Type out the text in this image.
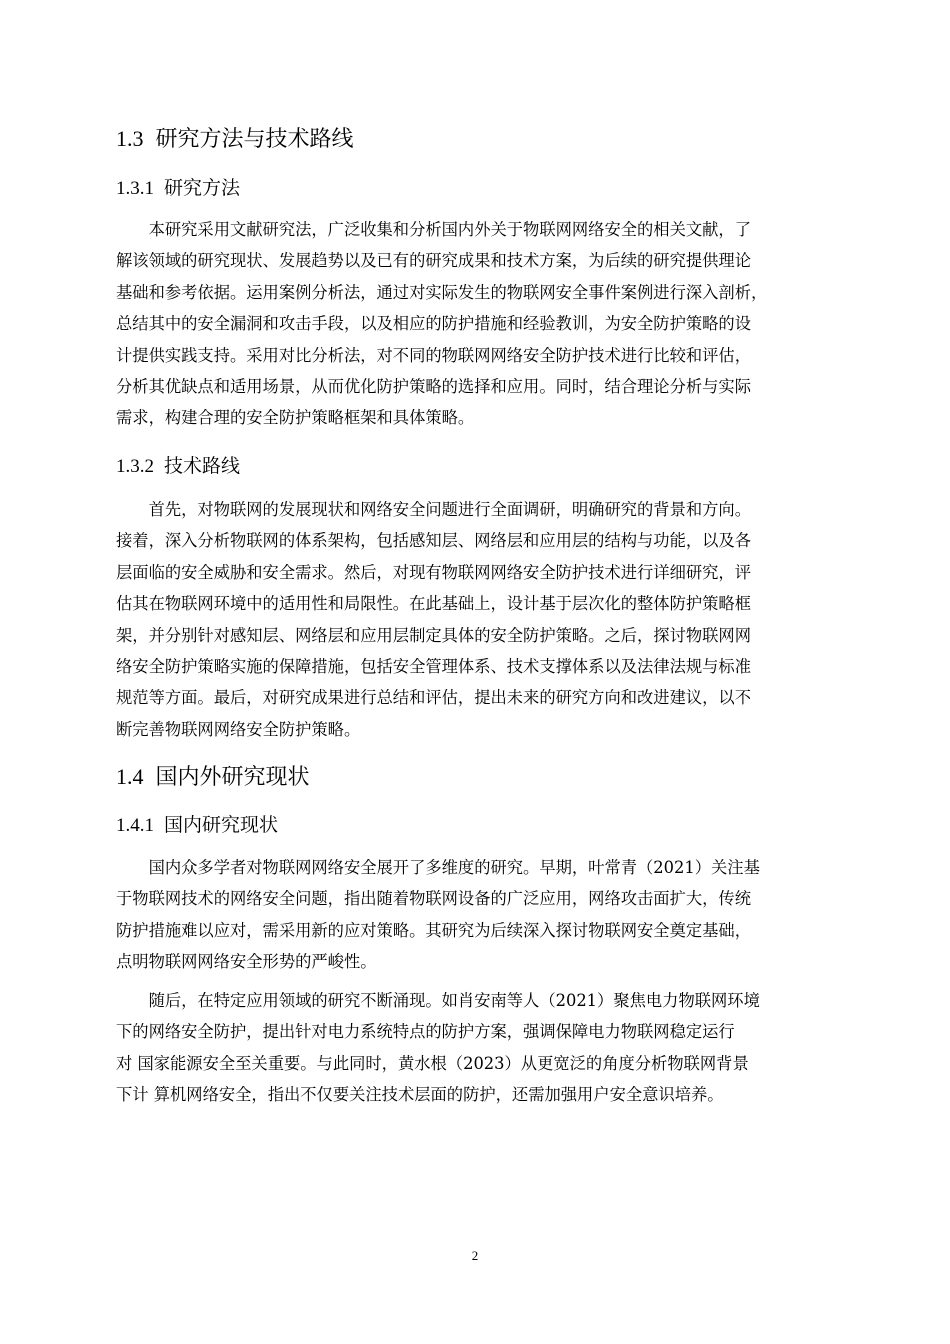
1.3 研究方法与技术路线
1.3.1 研究方法
　　本研究采用文献研究法，广泛收集和分析国内外关于物联网网络安全的相关文献，了
解该领域的研究现状、发展趋势以及已有的研究成果和技术方案，为后续的研究提供理论
基础和参考依据。运用案例分析法，通过对实际发生的物联网安全事件案例进行深入剖析，
总结其中的安全漏洞和攻击手段，以及相应的防护措施和经验教训，为安全防护策略的设
计提供实践支持。采用对比分析法，对不同的物联网网络安全防护技术进行比较和评估，
分析其优缺点和适用场景，从而优化防护策略的选择和应用。同时，结合理论分析与实际
需求，构建合理的安全防护策略框架和具体策略。
1.3.2 技术路线
　　首先，对物联网的发展现状和网络安全问题进行全面调研，明确研究的背景和方向。
接着，深入分析物联网的体系架构，包括感知层、网络层和应用层的结构与功能，以及各
层面临的安全威胁和安全需求。然后，对现有物联网网络安全防护技术进行详细研究，评
估其在物联网环境中的适用性和局限性。在此基础上，设计基于层次化的整体防护策略框
架，并分别针对感知层、网络层和应用层制定具体的安全防护策略。之后，探讨物联网网
络安全防护策略实施的保障措施，包括安全管理体系、技术支撑体系以及法律法规与标准
规范等方面。最后，对研究成果进行总结和评估，提出未来的研究方向和改进建议，以不
断完善物联网网络安全防护策略。
1.4 国内外研究现状
1.4.1 国内研究现状
　　国内众多学者对物联网网络安全展开了多维度的研究。早期，叶常青（2021）关注基
于物联网技术的网络安全问题，指出随着物联网设备的广泛应用，网络攻击面扩大，传统
防护措施难以应对，需采用新的应对策略。其研究为后续深入探讨物联网安全奠定基础，
点明物联网网络安全形势的严峻性。
　　随后，在特定应用领域的研究不断涌现。如肖安南等人（2021）聚焦电力物联网环境
下的网络安全防护，提出针对电力系统特点的防护方案，强调保障电力物联网稳定运行
对 国家能源安全至关重要。与此同时，黄水根（2023）从更宽泛的角度分析物联网背景
下计 算机网络安全，指出不仅要关注技术层面的防护，还需加强用户安全意识培养。
2
